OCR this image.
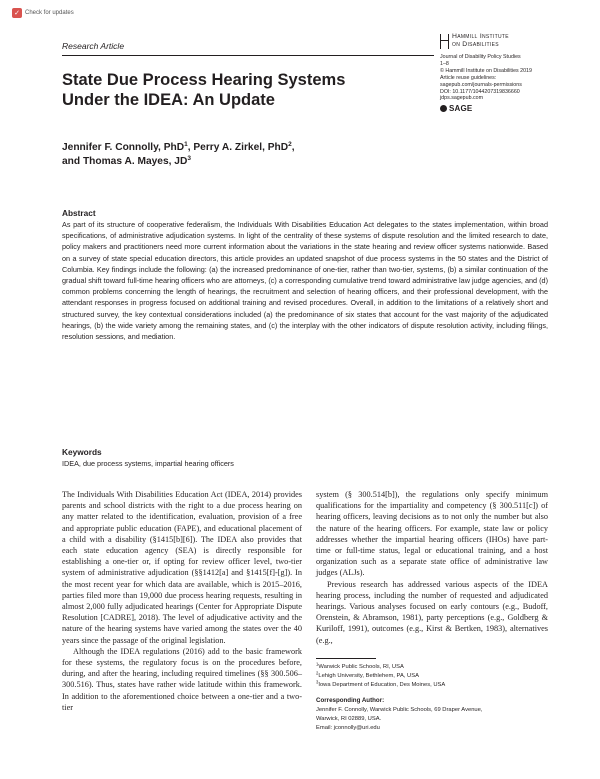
✓ Check for updates
Research Article
Hammill Institute
on Disabilities
Journal of Disability Policy Studies
1–8
© Hammill Institute on Disabilities 2019
Article reuse guidelines:
sagepub.com/journals-permissions
DOI: 10.1177/1044207319836660
jdps.sagepub.com
SAGE
State Due Process Hearing Systems Under the IDEA: An Update
Jennifer F. Connolly, PhD$^1$, Perry A. Zirkel, PhD$^2$,
and Thomas A. Mayes, $JD^3$
Abstract

As part of its structure of cooperative federalism, the Individuals With Disabilities Education Act delegates to the states implementation, within broad specifications, of administrative adjudication systems. In light of the centrality of these systems of dispute resolution and the limited research to date, policy makers and practitioners need more current information about the variations in the state hearing and review officer systems nationwide. Based on a survey of state special education directors, this article provides an updated snapshot of due process systems in the 50 states and the District of Columbia. Key findings include the following: (a) the increased predominance of one-tier, rather than two-tier, systems, (b) a similar continuation of the gradual shift toward full-time hearing officers who are attorneys, (c) a corresponding cumulative trend toward administrative law judge agencies, and (d) common problems concerning the length of hearings, the recruitment and selection of hearing officers, and their professional development, with the attendant responses in progress focused on additional training and revised procedures. Overall, in addition to the limitations of a relatively short and structured survey, the key contextual considerations included (a) the predominance of six states that account for the vast majority of the adjudicated hearings, (b) the wide variety among the remaining states, and (c) the interplay with the other indicators of dispute resolution activity, including filings, resolution sessions, and mediation.

Keywords
IDEA, due process systems, impartial hearing officers

The Individuals With Disabilities Education Act (IDEA, 2014) provides parents and school districts with the right to a due process hearing on any matter related to the identification, evaluation, provision of a free and appropriate public education (FAPE), and educational placement of a child with a disability (§1415[b][6]). The IDEA also provides that each state education agency (SEA) is directly responsible for establishing a one-tier or, if opting for review officer level, two-tier system of administrative adjudication (§§1412[a] and §1415[f]-[g]). In the most recent year for which data are available, which is 2015–2016, parties filed more than 19,000 due process hearing requests, resulting in almost 2,000 fully adjudicated hearings (Center for Appropriate Dispute Resolution [CADRE], 2018). The level of adjudicative activity and the nature of the hearing systems have varied among the states over the 40 years since the passage of the original legislation.

Although the IDEA regulations (2016) add to the basic framework for these systems, the regulatory focus is on the procedures before, during, and after the hearing, including required timelines (§§ 300.506–300.516). Thus, states have rather wide latitude within this framework. In addition to the aforementioned choice between a one-tier and a two-tier

system (§ 300.514[b]), the regulations only specify minimum qualifications for the impartiality and competency (§ 300.511[c]) of hearing officers, leaving decisions as to not only the number but also the nature of the hearing officers. For example, state law or policy addresses whether the impartial hearing officers (IHOs) have part-time or full-time status, legal or educational training, and a host organization such as a separate state office of administrative law judges (ALJs).

Previous research has addressed various aspects of the IDEA hearing process, including the number of requested and adjudicated hearings. Various analyses focused on early contours (e.g., Budoff, Orenstein, & Abramson, 1981), party perceptions (e.g., Goldberg & Kuriloff, 1991), outcomes (e.g., Kirst & Bertken, 1983), alternatives (e.g.,

$^1$Warwick Public Schools, RI, USA
$^2$Lehigh University, Bethlehem, PA, USA
$^3$Iowa Department of Education, Des Moines, USA
Corresponding Author:
Jennifer F. Connolly, Warwick Public Schools, 69 Draper Avenue,
Warwick, RI 02889, USA.
Email: jconnolly@uri.edu
